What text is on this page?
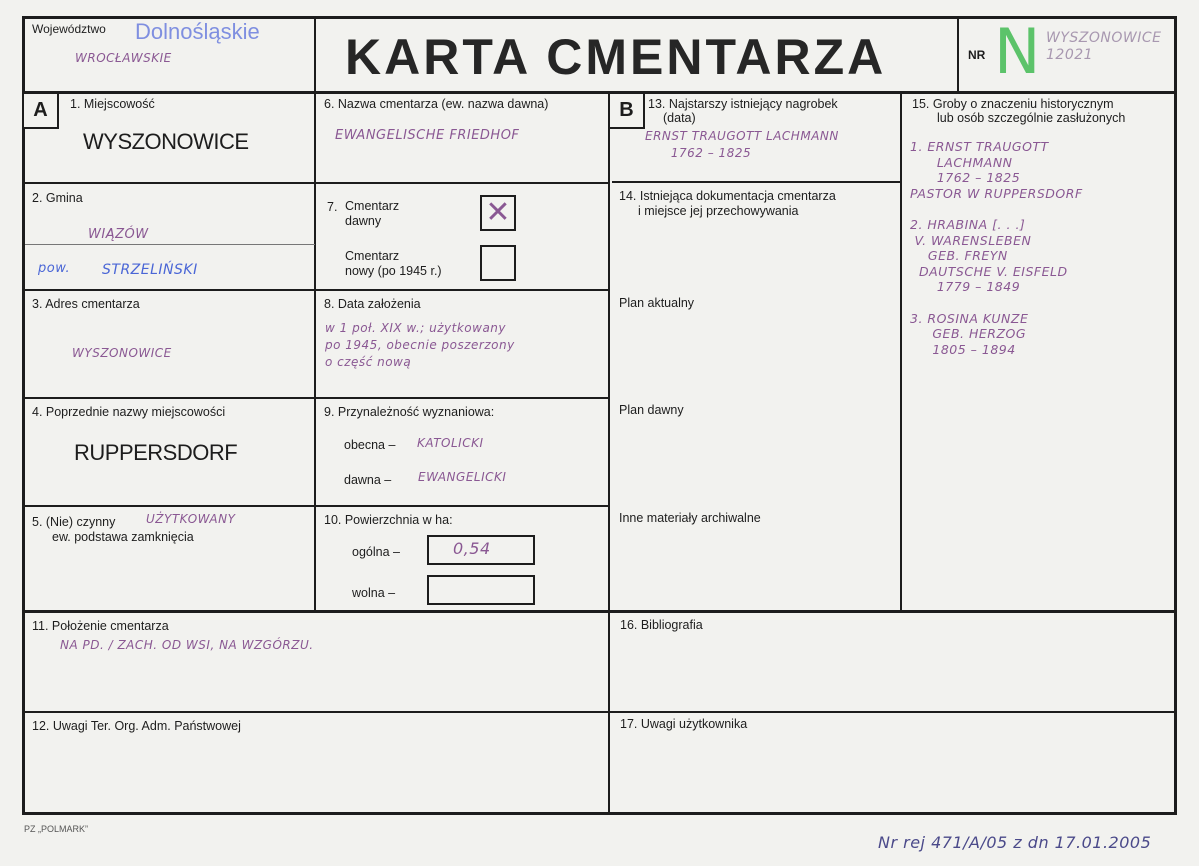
Województwo Dolnośląskie
WROCŁAWSKIE	KARTA CMENTARZA	NR N WYSZONOWICE 12021
A	1. Miejscowość
WYSZONOWICE
2. Gmina
WIĄZÓW
pow. STRZELIŃSKI
3. Adres cmentarza
WYSZONOWICE
4. Poprzednie nazwy miejscowości
RUPPERSDORF
5. (Nie) czynny
ew. podstawa zamknięcia
UŻYTKOWANY
6. Nazwa cmentarza (ew. nazwa dawna)
EWANGELISCHE FRIEDHOF
7. Cmentarz
dawny	✕
Cmentarz
nowy (po 1945 r.)
8. Data założenia
w 1 poł. XIX w.; użytkowany
po 1945, obecnie poszerzony
o część nową
9. Przynależność wyznaniowa:
obecna – KATOLICKI
dawna – EWANGELICKI
10. Powierzchnia w ha:
ogólna –	0,54
wolna –
B	13. Najstarszy istniejący nagrobek
(data)
ERNST TRAUGOTT LACHMANN
1762 – 1825
14. Istniejąca dokumentacja cmentarza
i miejsce jej przechowywania
Plan aktualny
Plan dawny
Inne materiały archiwalne
15. Groby o znaczeniu historycznym
lub osób szczególnie zasłużonych
1. ERNST TRAUGOTT
LACHMANN
1762 – 1825
PASTOR W RUPPERSDORF

2. HRABINA [. . .]
V. WARENSLEBEN
GEB. FREYN
DAUTSCHE V. EISFELD
1779 – 1849

3. ROSINA KUNZE
GEB. HERZOG
1805 – 1894
11. Położenie cmentarza
NA PD. / ZACH. OD WSI, NA WZGÓRZU.
12. Uwagi Ter. Org. Adm. Państwowej
16. Bibliografia
17. Uwagi użytkownika
PZ „POLMARK”
Nr rej 471/A/05 z dn 17.01.2005
